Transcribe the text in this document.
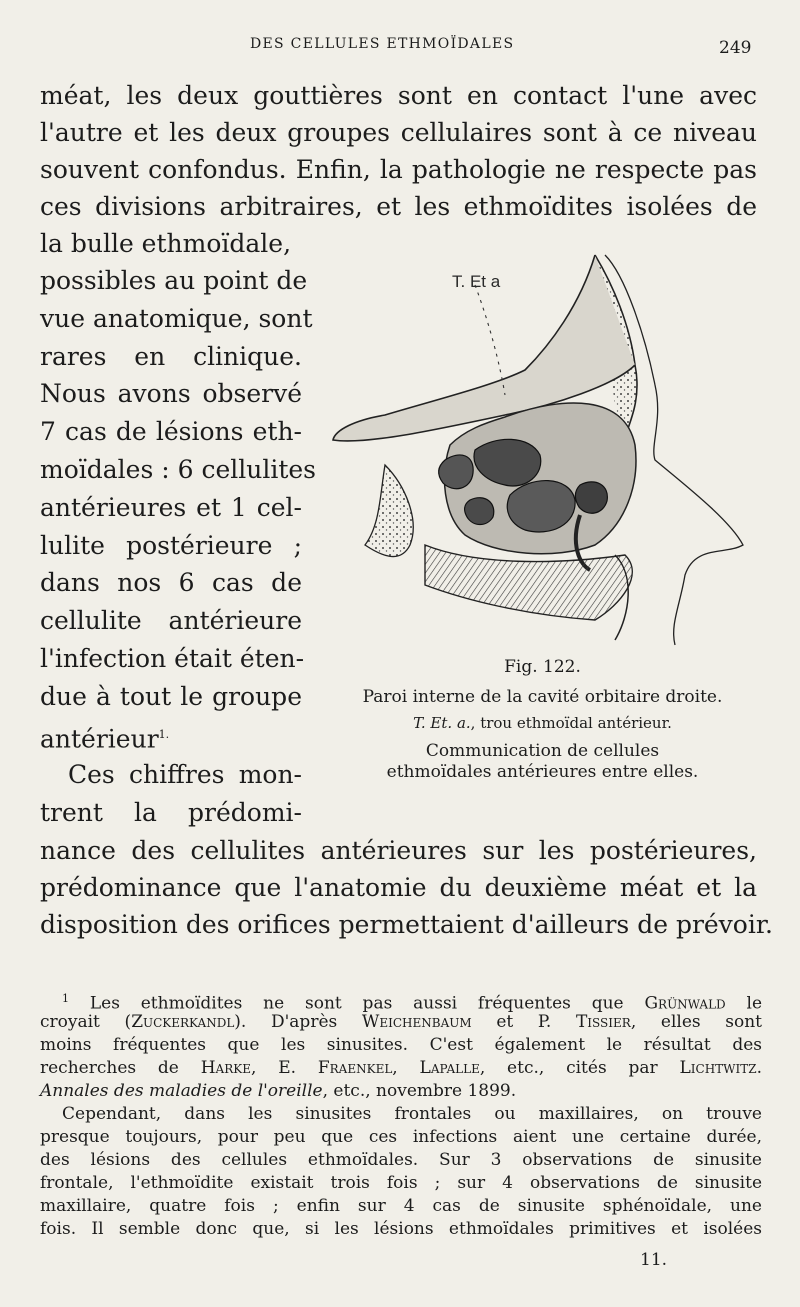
DES CELLULES ETHMOÏDALES	249
méat, les deux gouttières sont en contact l'une avec
l'autre et les deux groupes cellulaires sont à ce niveau
souvent confondus. Enfin, la pathologie ne respecte pas
ces divisions arbitraires, et les ethmoïdites isolées de
la bulle ethmoïdale,
possibles au point de
vue anatomique, sont
rares en clinique.
Nous avons observé
7 cas de lésions eth-
moïdales : 6 cellulites
antérieures et 1 cel-
lulite postérieure ;
dans nos 6 cas de
cellulite antérieure
l'infection était éten-
due à tout le groupe
antérieur$^{1.}$
Ces chiffres mon-
trent la prédomi-
nance des cellulites antérieures sur les postérieures,
prédominance que l'anatomie du deuxième méat et la
disposition des orifices permettaient d'ailleurs de prévoir.
T. Et a
Fig. 122.
Paroi interne de la cavité orbitaire droite.
T. Et. a., trou ethmoïdal antérieur.
Communication de cellules
ethmoïdales antérieures entre elles.
$^1$ Les ethmoïdites ne sont pas aussi fréquentes que Grünwald le
croyait (Zuckerkandl). D'après Weichenbaum et P. Tissier, elles sont
moins fréquentes que les sinusites. C'est également le résultat des
recherches de Harke, E. Fraenkel, Lapalle, etc., cités par Lichtwitz.
Annales des maladies de l'oreille, etc., novembre 1899.
Cependant, dans les sinusites frontales ou maxillaires, on trouve
presque toujours, pour peu que ces infections aient une certaine durée,
des lésions des cellules ethmoïdales. Sur 3 observations de sinusite
frontale, l'ethmoïdite existait trois fois ; sur 4 observations de sinusite
maxillaire, quatre fois ; enfin sur 4 cas de sinusite sphénoïdale, une
fois. Il semble donc que, si les lésions ethmoïdales primitives et isolées
11.
